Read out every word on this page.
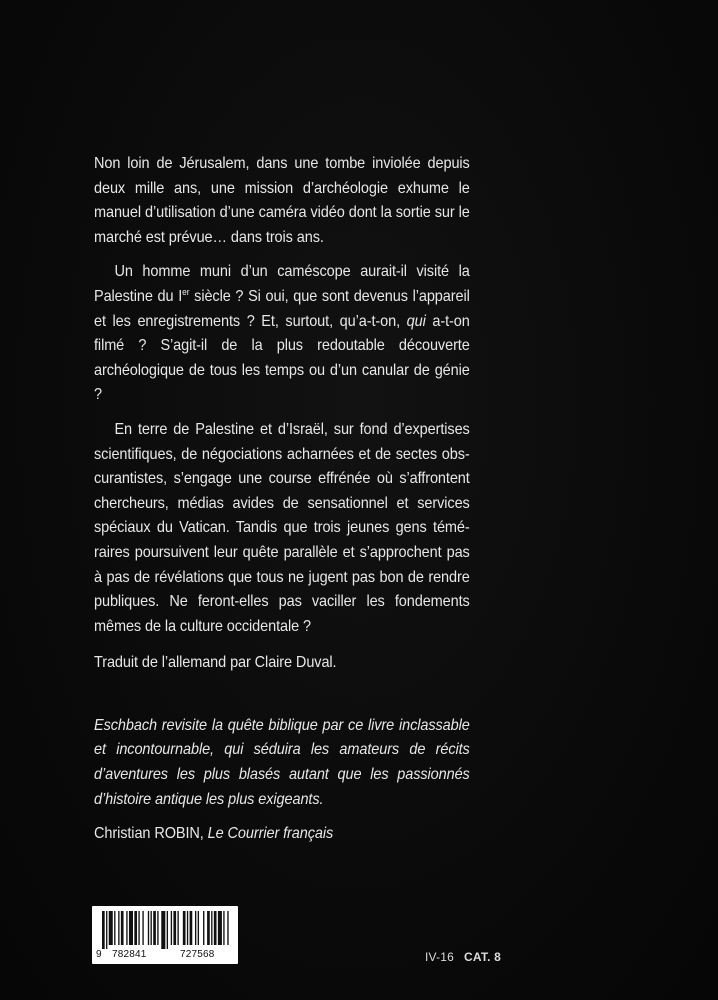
Non loin de Jérusalem, dans une tombe inviolée depuis deux mille ans, une mission d’archéologie exhume le manuel d’utilisation d’une caméra vidéo dont la sortie sur le marché est prévue… dans trois ans.

Un homme muni d’un caméscope aurait-il visité la Palestine du Ier siècle ? Si oui, que sont devenus l’appareil et les enregistrements ? Et, surtout, qu’a-t-on, qui a-t-on filmé ? S’agit-il de la plus redoutable découverte archéologique de tous les temps ou d’un canular de génie ?

En terre de Palestine et d’Israël, sur fond d’expertises scientifiques, de négociations acharnées et de sectes obscurantistes, s’engage une course effrénée où s’affrontent chercheurs, médias avides de sensationnel et services spéciaux du Vatican. Tandis que trois jeunes gens téméraires poursuivent leur quête parallèle et s’approchent pas à pas de révélations que tous ne jugent pas bon de rendre publiques. Ne feront-elles pas vaciller les fondements mêmes de la culture occidentale ?

Traduit de l’allemand par Claire Duval.

Eschbach revisite la quête biblique par ce livre inclassable et incontournable, qui séduira les amateurs de récits d’aventures les plus blasés autant que les passionnés d’histoire antique les plus exigeants.

Christian ROBIN, Le Courrier français

9 782841	727568	IV-16 CAT. 8
